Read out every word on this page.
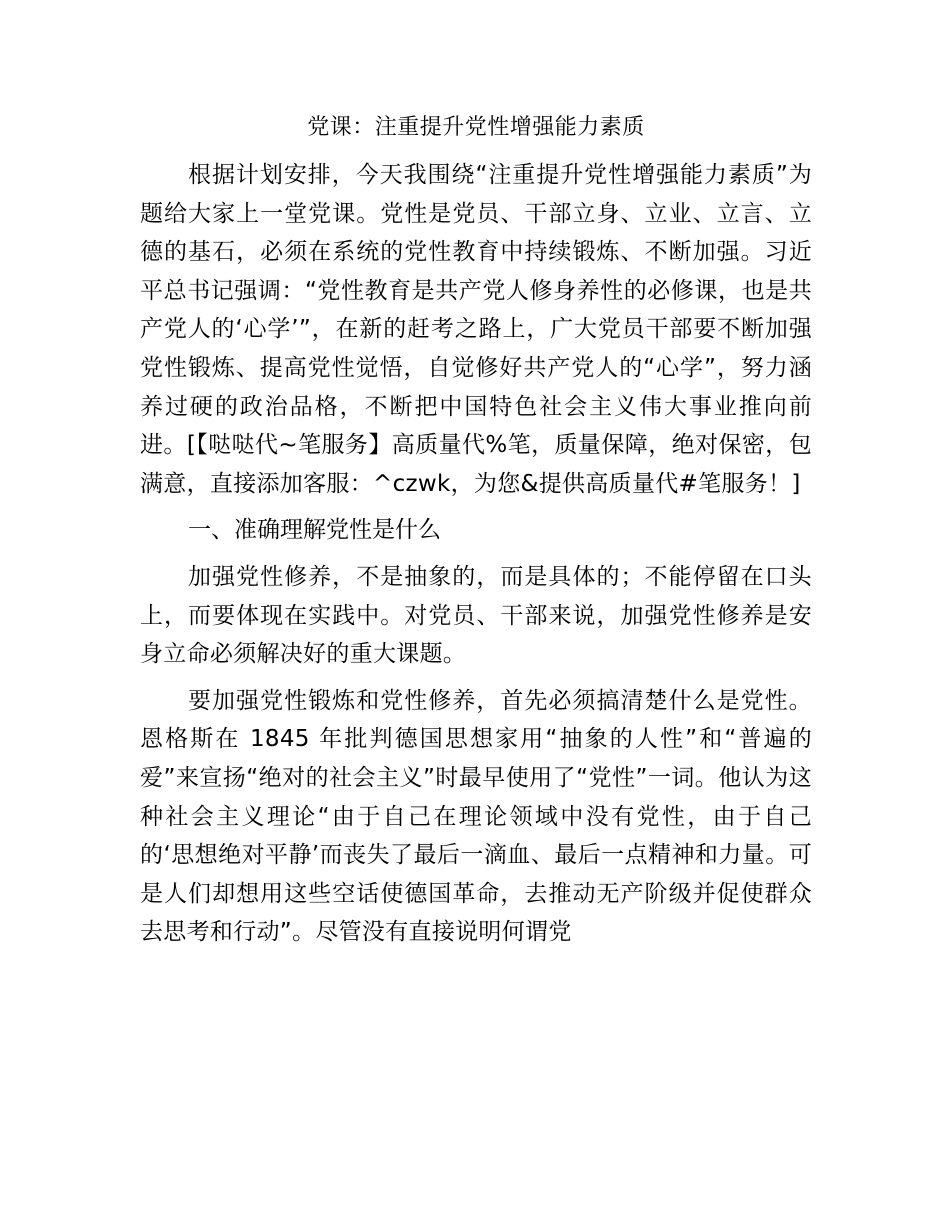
党课：注重提升党性增强能力素质

根据计划安排，今天我围绕“注重提升党性增强能力素质”为题给大家上一堂党课。党性是党员、干部立身、立业、立言、立德的基石，必须在系统的党性教育中持续锻炼、不断加强。习近平总书记强调：“党性教育是共产党人修身养性的必修课，也是共产党人的‘心学’”，在新的赶考之路上，广大党员干部要不断加强党性锻炼、提高党性觉悟，自觉修好共产党人的“心学”，努力涵养过硬的政治品格，不断把中国特色社会主义伟大事业推向前进。[【哒哒代~笔服务】高质量代%笔，质量保障，绝对保密，包满意，直接添加客服：^czwk，为您&提供高质量代#笔服务！]

一、准确理解党性是什么

加强党性修养，不是抽象的，而是具体的；不能停留在口头上，而要体现在实践中。对党员、干部来说，加强党性修养是安身立命必须解决好的重大课题。

要加强党性锻炼和党性修养，首先必须搞清楚什么是党性。恩格斯在 1845 年批判德国思想家用“抽象的人性”和“普遍的爱”来宣扬“绝对的社会主义”时最早使用了“党性”一词。他认为这种社会主义理论“由于自己在理论领域中没有党性，由于自己的‘思想绝对平静’而丧失了最后一滴血、最后一点精神和力量。可是人们却想用这些空话使德国革命，去推动无产阶级并促使群众去思考和行动”。尽管没有直接说明何谓党
